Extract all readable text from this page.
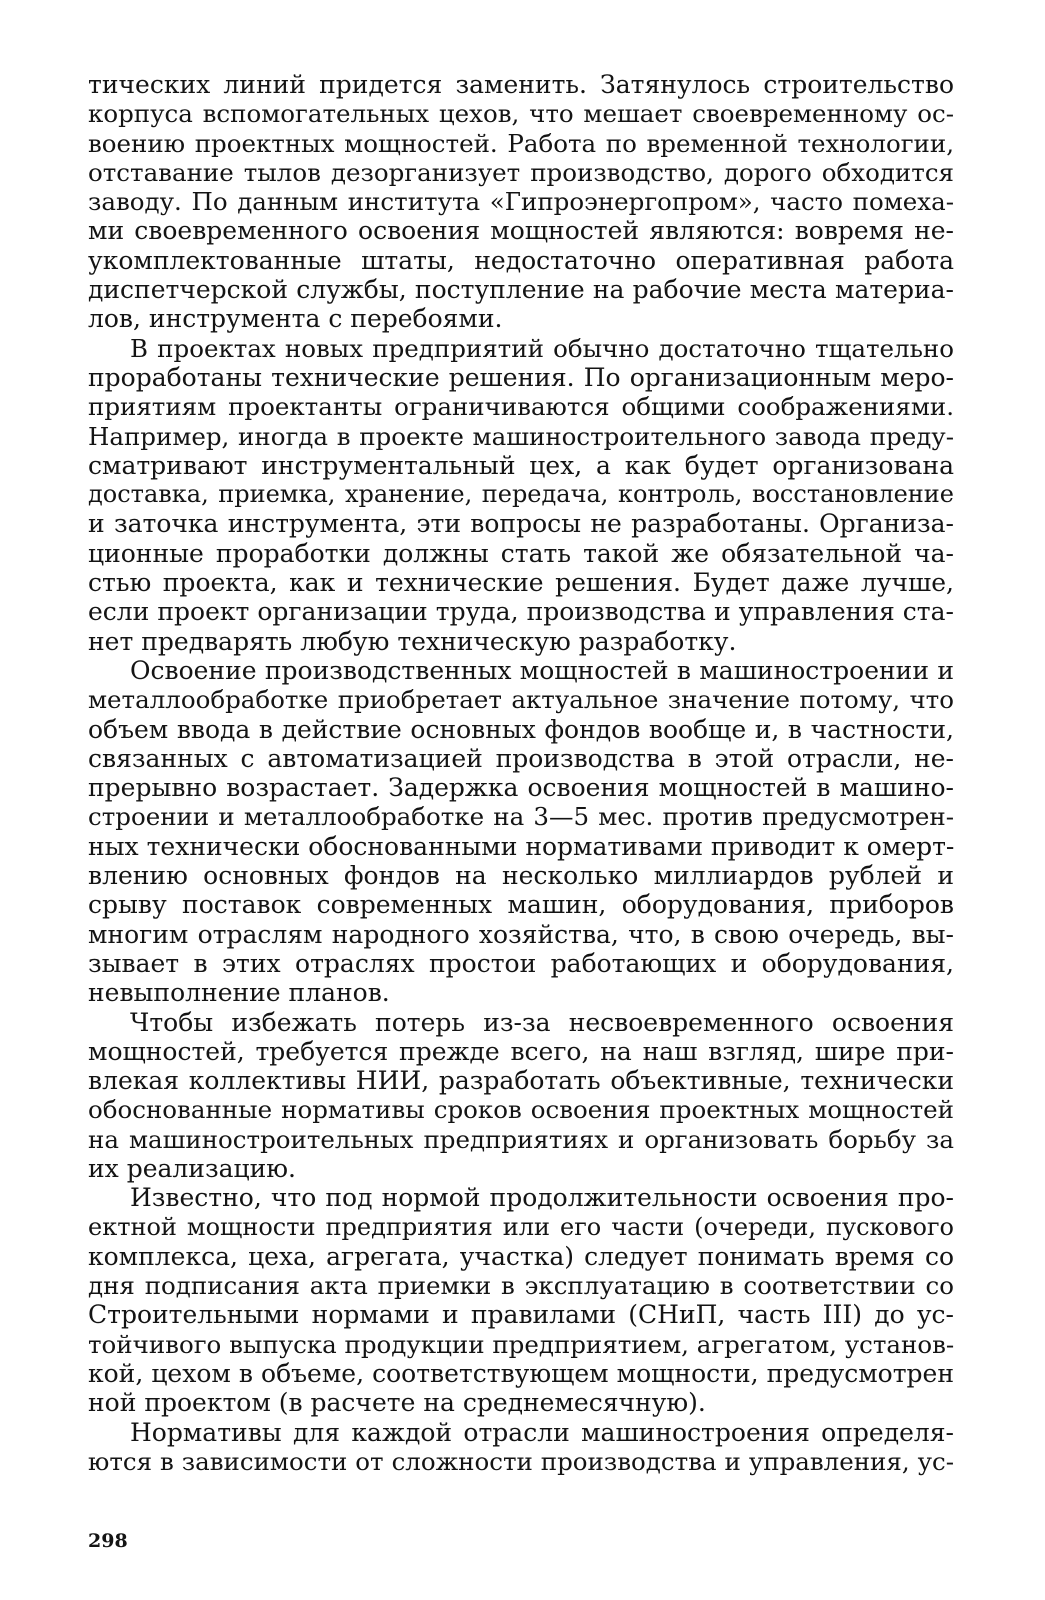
тических линий придется заменить. Затянулось строительство
корпуса вспомогательных цехов, что мешает своевременному ос-
воению проектных мощностей. Работа по временной технологии,
отставание тылов дезорганизует производство, дорого обходится
заводу. По данным института «Гипроэнергопром», часто помеха-
ми своевременного освоения мощностей являются: вовремя не-
укомплектованные штаты, недостаточно оперативная работа
диспетчерской службы, поступление на рабочие места материа-
лов, инструмента с перебоями.
В проектах новых предприятий обычно достаточно тщательно
проработаны технические решения. По организационным меро-
приятиям проектанты ограничиваются общими соображениями.
Например, иногда в проекте машиностроительного завода преду-
сматривают инструментальный цех, а как будет организована
доставка, приемка, хранение, передача, контроль, восстановление
и заточка инструмента, эти вопросы не разработаны. Организа-
ционные проработки должны стать такой же обязательной ча-
стью проекта, как и технические решения. Будет даже лучше,
если проект организации труда, производства и управления ста-
нет предварять любую техническую разработку.
Освоение производственных мощностей в машиностроении и
металлообработке приобретает актуальное значение потому, что
объем ввода в действие основных фондов вообще и, в частности,
связанных с автоматизацией производства в этой отрасли, не-
прерывно возрастает. Задержка освоения мощностей в машино-
строении и металлообработке на 3—5 мес. против предусмотрен-
ных технически обоснованными нормативами приводит к омерт-
влению основных фондов на несколько миллиардов рублей и
срыву поставок современных машин, оборудования, приборов
многим отраслям народного хозяйства, что, в свою очередь, вы-
зывает в этих отраслях простои работающих и оборудования,
невыполнение планов.
Чтобы избежать потерь из-за несвоевременного освоения
мощностей, требуется прежде всего, на наш взгляд, шире при-
влекая коллективы НИИ, разработать объективные, технически
обоснованные нормативы сроков освоения проектных мощностей
на машиностроительных предприятиях и организовать борьбу за
их реализацию.
Известно, что под нормой продолжительности освоения про-
ектной мощности предприятия или его части (очереди, пускового
комплекса, цеха, агрегата, участка) следует понимать время со
дня подписания акта приемки в эксплуатацию в соответствии со
Строительными нормами и правилами (СНиП, часть III) до ус-
тойчивого выпуска продукции предприятием, агрегатом, установ-
кой, цехом в объеме, соответствующем мощности, предусмотрен
ной проектом (в расчете на среднемесячную).
Нормативы для каждой отрасли машиностроения определя-
ются в зависимости от сложности производства и управления, ус-
298
